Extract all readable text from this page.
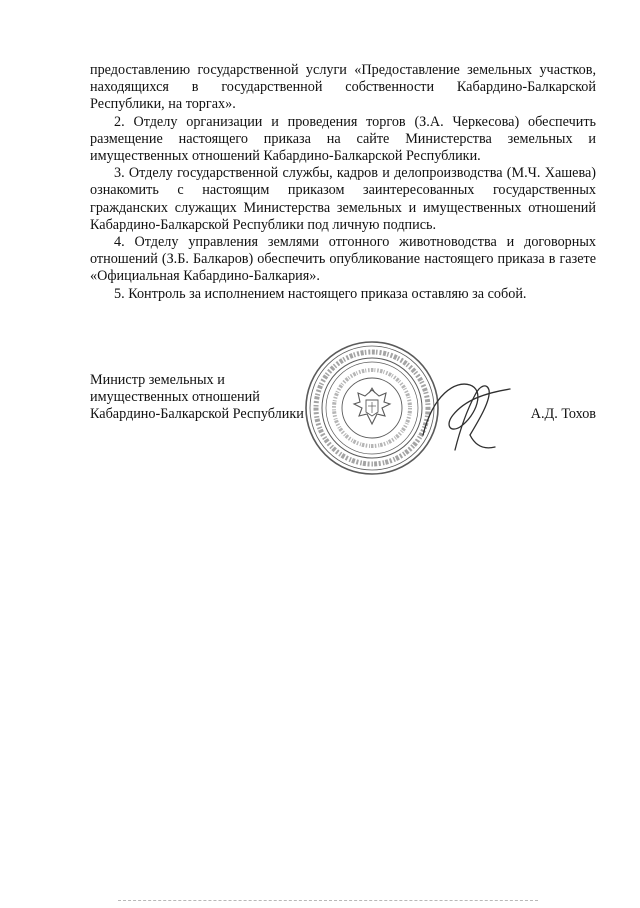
предоставлению государственной услуги «Предоставление земельных участков, находящихся в государственной собственности Кабардино-Балкарской Республики, на торгах».

2. Отделу организации и проведения торгов (З.А. Черкесова) обеспечить размещение настоящего приказа на сайте Министерства земельных и имущественных отношений Кабардино-Балкарской Республики.

3. Отделу государственной службы, кадров и делопроизводства (М.Ч. Хашева) ознакомить с настоящим приказом заинтересованных государственных гражданских служащих Министерства земельных и имущественных отношений Кабардино-Балкарской Республики под личную подпись.

4. Отделу управления землями отгонного животноводства и договорных отношений (З.Б. Балкаров) обеспечить опубликование настоящего приказа в газете «Официальная Кабардино-Балкария».

5. Контроль за исполнением настоящего приказа оставляю за собой.

Министр земельных и
имущественных отношений
Кабардино-Балкарской Республики	А.Д. Тохов
